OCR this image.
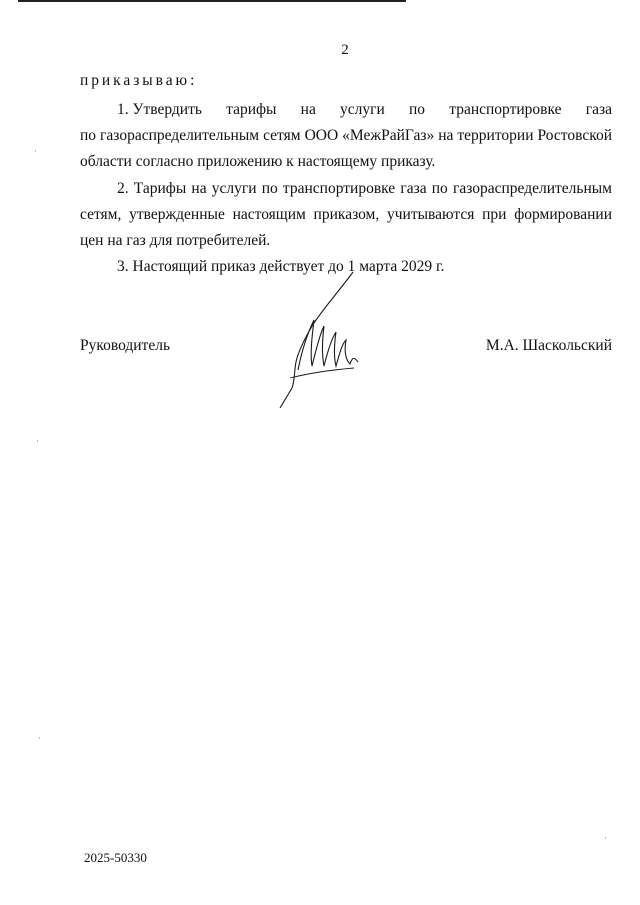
2
приказываю:
1. Утвердить тарифы на услуги по транспортировке газа
по газораспределительным сетям ООО «МежРайГаз» на территории Ростовской области согласно приложению к настоящему приказу.
2. Тарифы на услуги по транспортировке газа по газораспределительным сетям, утвержденные настоящим приказом, учитываются при формировании цен на газ для потребителей.
3. Настоящий приказ действует до 1 марта 2029 г.
Руководитель	М.А. Шаскольский
2025-50330
·
·
·
·
